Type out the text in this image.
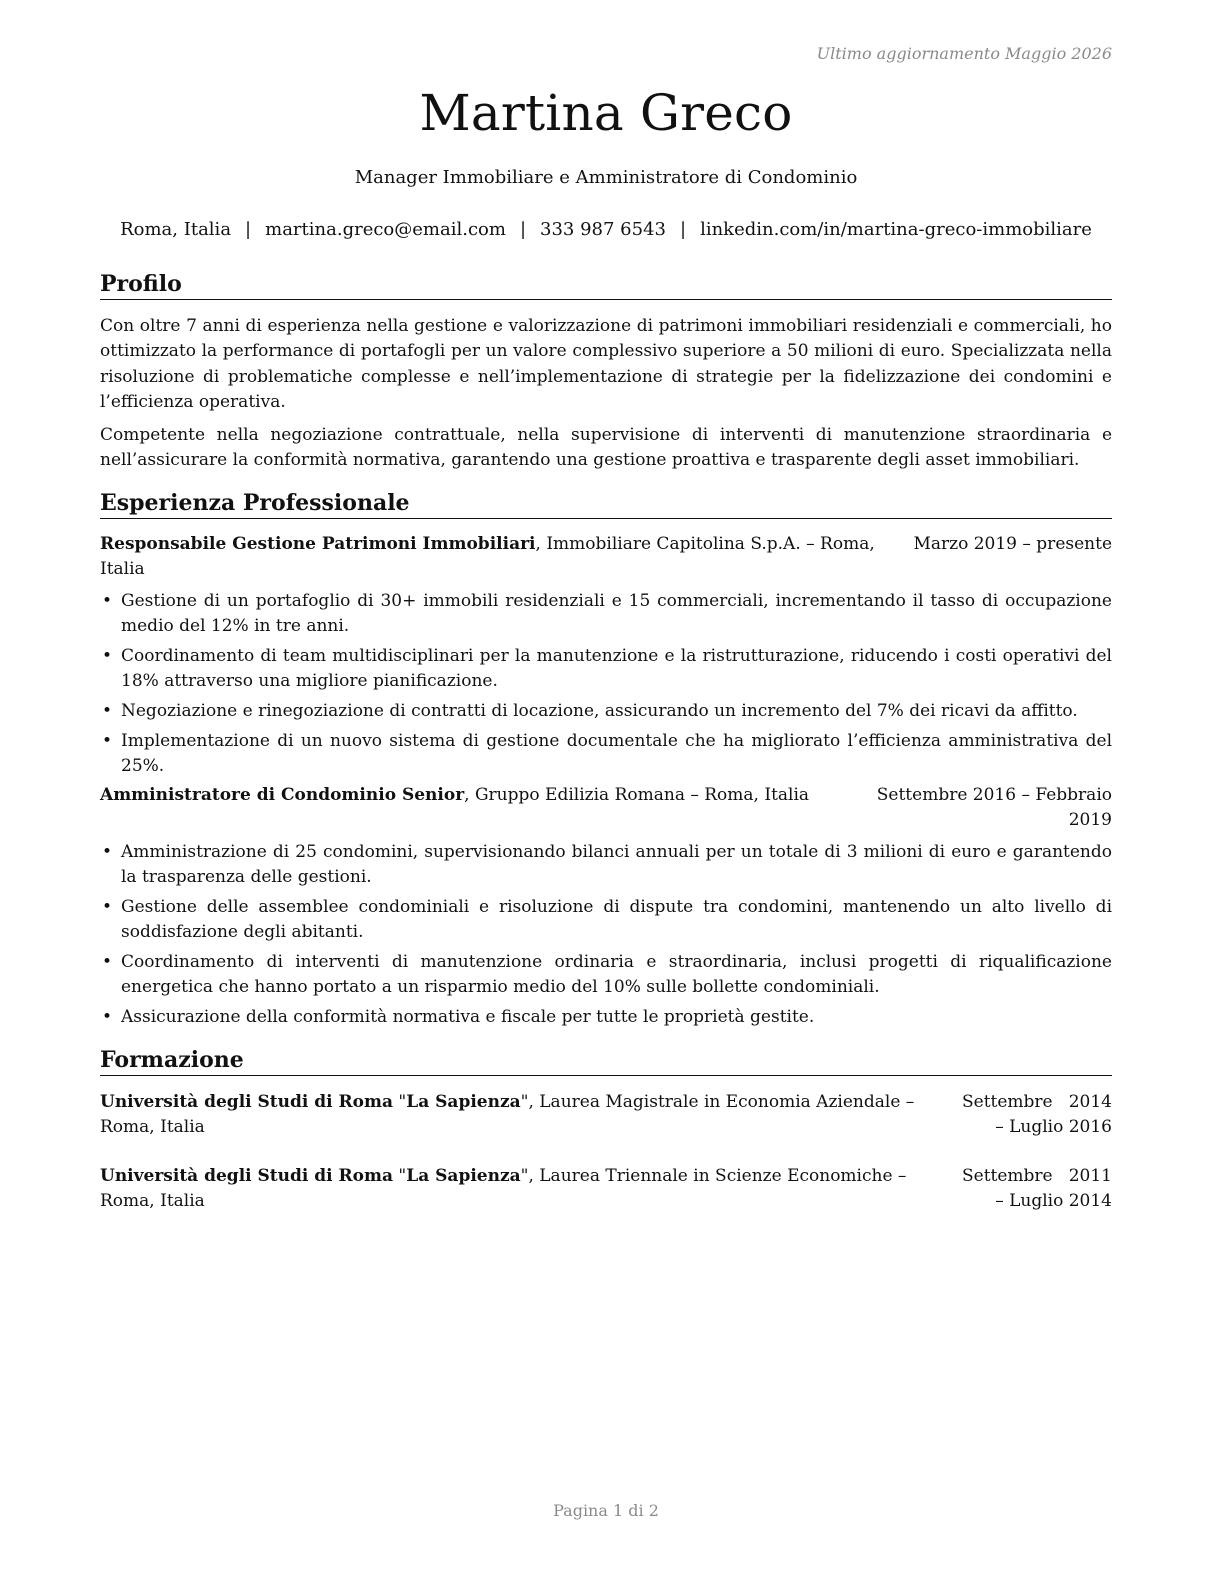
Ultimo aggiornamento Maggio 2026
Martina Greco
Manager Immobiliare e Amministratore di Condominio
Roma, Italia | martina.greco@email.com | 333 987 6543 | linkedin.com/in/martina-greco-immobiliare
Profilo

Con oltre 7 anni di esperienza nella gestione e valorizzazione di patrimoni immobiliari residenziali e commerciali, ho ottimizzato la performance di portafogli per un valore complessivo superiore a 50 milioni di euro. Specializzata nella risoluzione di problematiche complesse e nell’implementazione di strategie per la fidelizzazione dei condomini e l’efficienza operativa.

Competente nella negoziazione contrattuale, nella supervisione di interventi di manutenzione straordinaria e nell’assicurare la conformità normativa, garantendo una gestione proattiva e trasparente degli asset immobiliari.

Esperienza Professionale
Responsabile Gestione Patrimoni Immobiliari, Immobiliare Capitolina S.p.A. – Roma, Italia
Marzo 2019 – presente
• Gestione di un portafoglio di 30+ immobili residenziali e 15 commerciali, incrementando il tasso di occupazione medio del 12% in tre anni.
• Coordinamento di team multidisciplinari per la manutenzione e la ristrutturazione, riducendo i costi operativi del 18% attraverso una migliore pianificazione.
• Negoziazione e rinegoziazione di contratti di locazione, assicurando un incremento del 7% dei ricavi da affitto.
• Implementazione di un nuovo sistema di gestione documentale che ha migliorato l’efficienza amministrativa del 25%.
Amministratore di Condominio Senior, Gruppo Edilizia Romana – Roma, Italia	Settembre 2016 – Febbraio 2019
• Amministrazione di 25 condomini, supervisionando bilanci annuali per un totale di 3 milioni di euro e garantendo la trasparenza delle gestioni.
• Gestione delle assemblee condominiali e risoluzione di dispute tra condomini, mantenendo un alto livello di soddisfazione degli abitanti.
• Coordinamento di interventi di manutenzione ordinaria e straordinaria, inclusi progetti di riqualificazione energetica che hanno portato a un risparmio medio del 10% sulle bollette condominiali.
• Assicurazione della conformità normativa e fiscale per tutte le proprietà gestite.
Formazione
Università degli Studi di Roma "La Sapienza", Laurea Magistrale in Economia Aziendale – Roma, Italia
Settembre 2014 – Luglio 2016
Università degli Studi di Roma "La Sapienza", Laurea Triennale in Scienze Economiche – Roma, Italia
Settembre 2011 – Luglio 2014
Pagina 1 di 2
